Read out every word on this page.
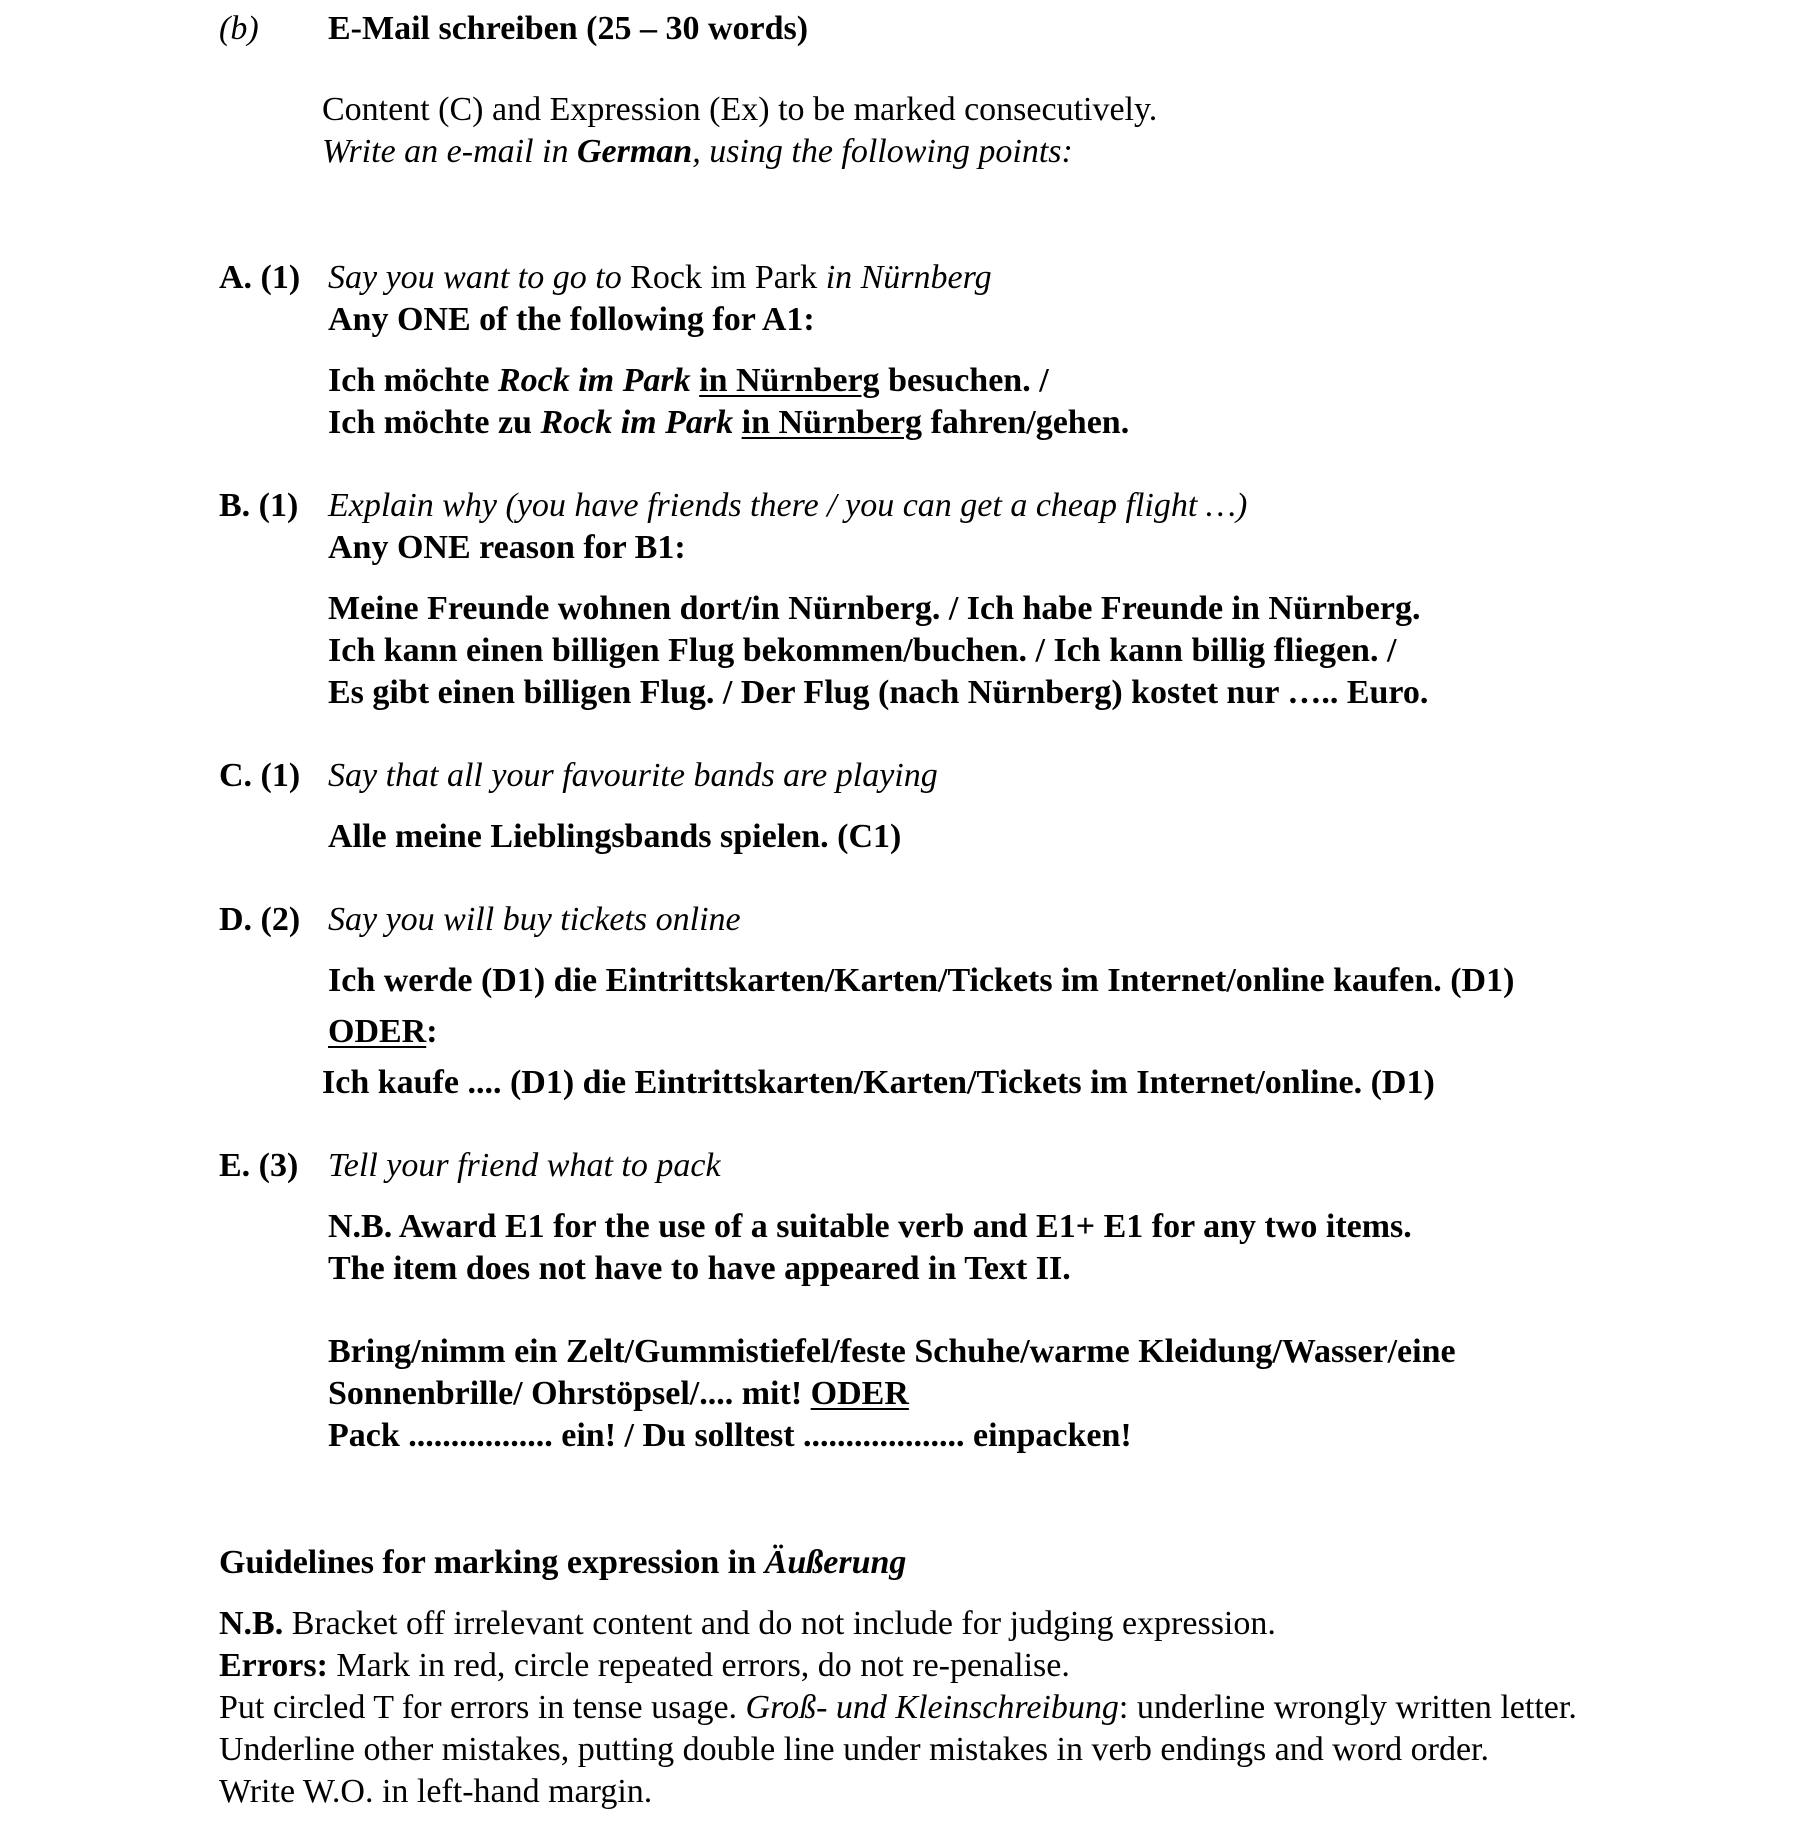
(b) E-Mail schreiben (25 – 30 words)
Content (C) and Expression (Ex) to be marked consecutively.
Write an e-mail in German, using the following points:
A. (1) Say you want to go to Rock im Park in Nürnberg
Any ONE of the following for A1:
Ich möchte Rock im Park in Nürnberg besuchen. /
Ich möchte zu Rock im Park in Nürnberg fahren/gehen.
B. (1) Explain why (you have friends there / you can get a cheap flight …)
Any ONE reason for B1:
Meine Freunde wohnen dort/in Nürnberg. / Ich habe Freunde in Nürnberg.
Ich kann einen billigen Flug bekommen/buchen. / Ich kann billig fliegen. /
Es gibt einen billigen Flug. / Der Flug (nach Nürnberg) kostet nur ….. Euro.
C. (1) Say that all your favourite bands are playing
Alle meine Lieblingsbands spielen. (C1)
D. (2) Say you will buy tickets online
Ich werde (D1) die Eintrittskarten/Karten/Tickets im Internet/online kaufen. (D1)
ODER:
Ich kaufe .... (D1) die Eintrittskarten/Karten/Tickets im Internet/online. (D1)
E. (3) Tell your friend what to pack
N.B. Award E1 for the use of a suitable verb and E1+ E1 for any two items.
The item does not have to have appeared in Text II.
Bring/nimm ein Zelt/Gummistiefel/feste Schuhe/warme Kleidung/Wasser/eine
Sonnenbrille/ Ohrstöpsel/.... mit! ODER
Pack ................. ein! / Du solltest ................... einpacken!
Guidelines for marking expression in Äußerung
N.B. Bracket off irrelevant content and do not include for judging expression.
Errors: Mark in red, circle repeated errors, do not re-penalise.
Put circled T for errors in tense usage. Groß- und Kleinschreibung: underline wrongly written letter.
Underline other mistakes, putting double line under mistakes in verb endings and word order.
Write W.O. in left-hand margin.
